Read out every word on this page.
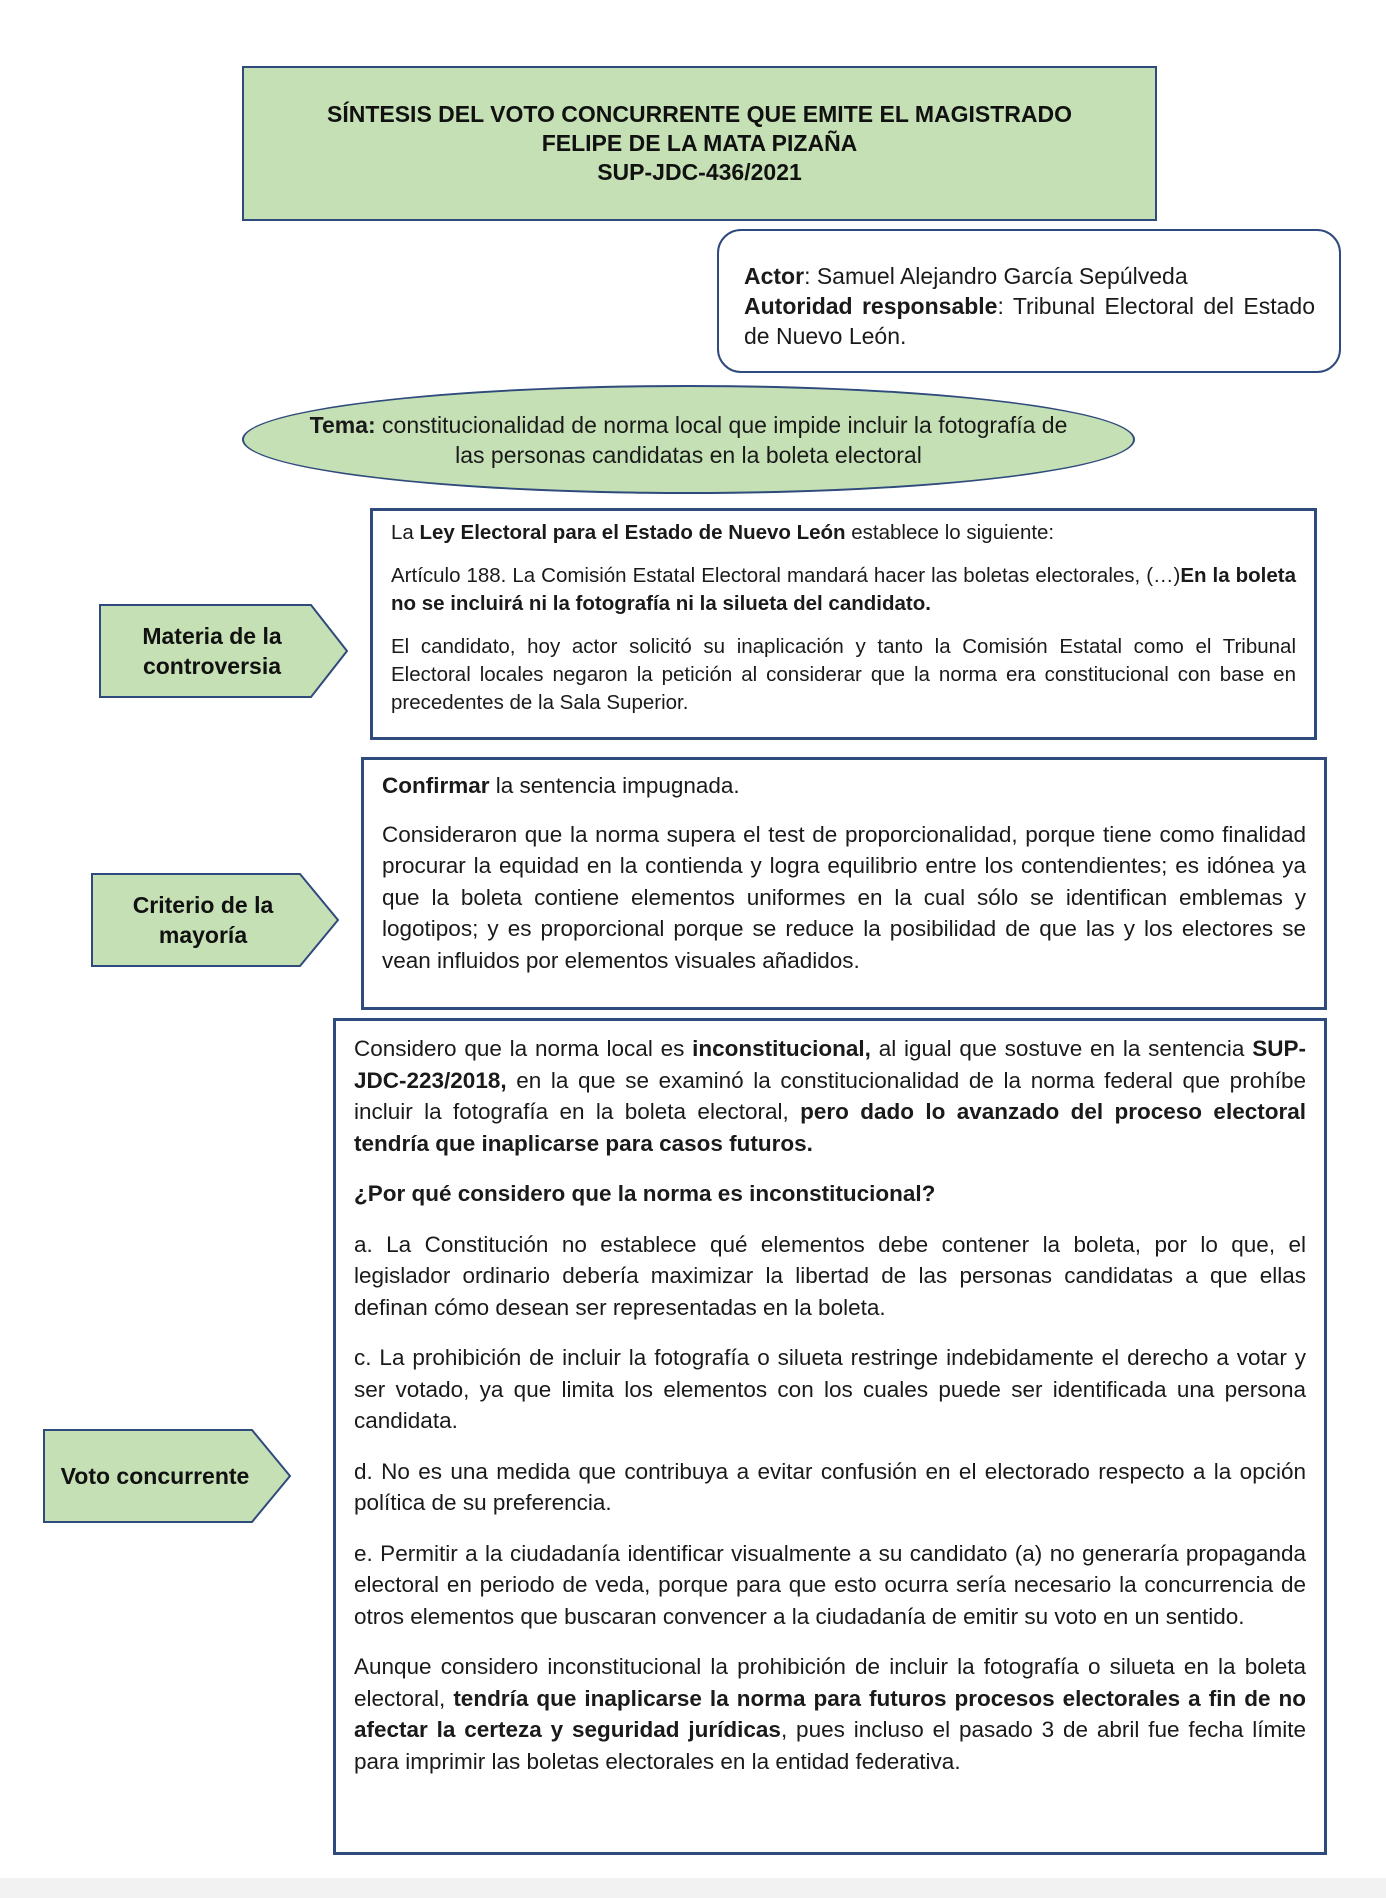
SÍNTESIS DEL VOTO CONCURRENTE QUE EMITE EL MAGISTRADO
FELIPE DE LA MATA PIZAÑA
SUP-JDC-436/2021
Actor: Samuel Alejandro García Sepúlveda
Autoridad responsable: Tribunal Electoral del Estado de Nuevo León.
Tema: constitucionalidad de norma local que impide incluir la fotografía de las personas candidatas en la boleta electoral
Materia de la controversia

La Ley Electoral para el Estado de Nuevo León establece lo siguiente:

Artículo 188. La Comisión Estatal Electoral mandará hacer las boletas electorales, (…)En la boleta no se incluirá ni la fotografía ni la silueta del candidato.

El candidato, hoy actor solicitó su inaplicación y tanto la Comisión Estatal como el Tribunal Electoral locales negaron la petición al considerar que la norma era constitucional con base en precedentes de la Sala Superior.

Criterio de la mayoría

Confirmar la sentencia impugnada.

Consideraron que la norma supera el test de proporcionalidad, porque tiene como finalidad procurar la equidad en la contienda y logra equilibrio entre los contendientes; es idónea ya que la boleta contiene elementos uniformes en la cual sólo se identifican emblemas y logotipos; y es proporcional porque se reduce la posibilidad de que las y los electores se vean influidos por elementos visuales añadidos.

Voto concurrente

Considero que la norma local es inconstitucional, al igual que sostuve en la sentencia SUP-JDC-223/2018, en la que se examinó la constitucionalidad de la norma federal que prohíbe incluir la fotografía en la boleta electoral, pero dado lo avanzado del proceso electoral tendría que inaplicarse para casos futuros.

¿Por qué considero que la norma es inconstitucional?

a. La Constitución no establece qué elementos debe contener la boleta, por lo que, el legislador ordinario debería maximizar la libertad de las personas candidatas a que ellas definan cómo desean ser representadas en la boleta.

c. La prohibición de incluir la fotografía o silueta restringe indebidamente el derecho a votar y ser votado, ya que limita los elementos con los cuales puede ser identificada una persona candidata.

d. No es una medida que contribuya a evitar confusión en el electorado respecto a la opción política de su preferencia.

e. Permitir a la ciudadanía identificar visualmente a su candidato (a) no generaría propaganda electoral en periodo de veda, porque para que esto ocurra sería necesario la concurrencia de otros elementos que buscaran convencer a la ciudadanía de emitir su voto en un sentido.

Aunque considero inconstitucional la prohibición de incluir la fotografía o silueta en la boleta electoral, tendría que inaplicarse la norma para futuros procesos electorales a fin de no afectar la certeza y seguridad jurídicas, pues incluso el pasado 3 de abril fue fecha límite para imprimir las boletas electorales en la entidad federativa.
